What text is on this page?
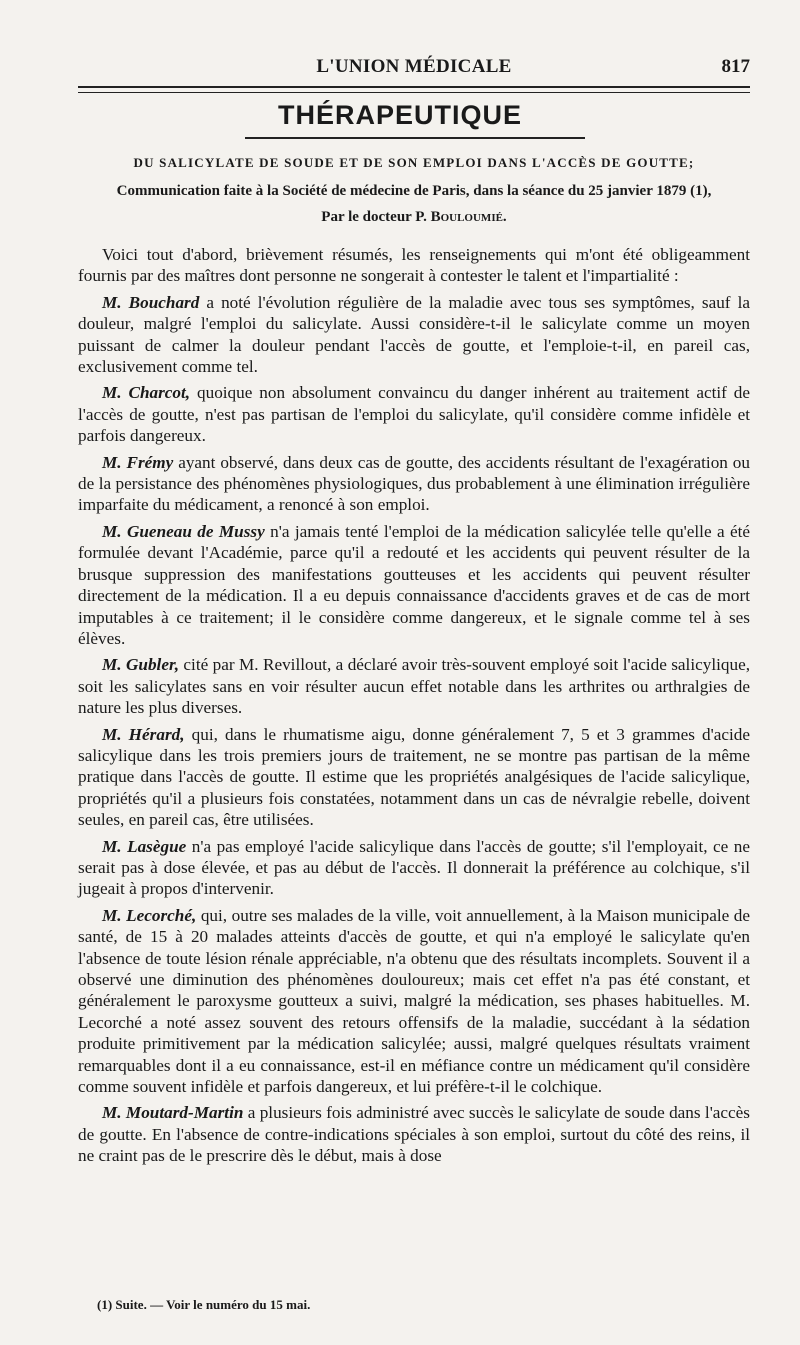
L'UNION MÉDICALE	817
THÉRAPEUTIQUE
DU SALICYLATE DE SOUDE ET DE SON EMPLOI DANS L'ACCÈS DE GOUTTE;
Communication faite à la Société de médecine de Paris, dans la séance du 25 janvier 1879 (1),
Par le docteur P. Bouloumié.

Voici tout d'abord, brièvement résumés, les renseignements qui m'ont été obligeamment fournis par des maîtres dont personne ne songerait à contester le talent et l'impartialité :

M. Bouchard a noté l'évolution régulière de la maladie avec tous ses symptômes, sauf la douleur, malgré l'emploi du salicylate. Aussi considère-t-il le salicylate comme un moyen puissant de calmer la douleur pendant l'accès de goutte, et l'emploie-t-il, en pareil cas, exclusivement comme tel.

M. Charcot, quoique non absolument convaincu du danger inhérent au traitement actif de l'accès de goutte, n'est pas partisan de l'emploi du salicylate, qu'il considère comme infidèle et parfois dangereux.

M. Frémy ayant observé, dans deux cas de goutte, des accidents résultant de l'exagération ou de la persistance des phénomènes physiologiques, dus probablement à une élimination irrégulière imparfaite du médicament, a renoncé à son emploi.

M. Gueneau de Mussy n'a jamais tenté l'emploi de la médication salicylée telle qu'elle a été formulée devant l'Académie, parce qu'il a redouté et les accidents qui peuvent résulter de la brusque suppression des manifestations goutteuses et les accidents qui peuvent résulter directement de la médication. Il a eu depuis connaissance d'accidents graves et de cas de mort imputables à ce traitement; il le considère comme dangereux, et le signale comme tel à ses élèves.

M. Gubler, cité par M. Revillout, a déclaré avoir très-souvent employé soit l'acide salicylique, soit les salicylates sans en voir résulter aucun effet notable dans les arthrites ou arthralgies de nature les plus diverses.

M. Hérard, qui, dans le rhumatisme aigu, donne généralement 7, 5 et 3 grammes d'acide salicylique dans les trois premiers jours de traitement, ne se montre pas partisan de la même pratique dans l'accès de goutte. Il estime que les propriétés analgésiques de l'acide salicylique, propriétés qu'il a plusieurs fois constatées, notamment dans un cas de névralgie rebelle, doivent seules, en pareil cas, être utilisées.

M. Lasègue n'a pas employé l'acide salicylique dans l'accès de goutte; s'il l'employait, ce ne serait pas à dose élevée, et pas au début de l'accès. Il donnerait la préférence au colchique, s'il jugeait à propos d'intervenir.

M. Lecorché, qui, outre ses malades de la ville, voit annuellement, à la Maison municipale de santé, de 15 à 20 malades atteints d'accès de goutte, et qui n'a employé le salicylate qu'en l'absence de toute lésion rénale appréciable, n'a obtenu que des résultats incomplets. Souvent il a observé une diminution des phénomènes douloureux; mais cet effet n'a pas été constant, et généralement le paroxysme goutteux a suivi, malgré la médication, ses phases habituelles. M. Lecorché a noté assez souvent des retours offensifs de la maladie, succédant à la sédation produite primitivement par la médication salicylée; aussi, malgré quelques résultats vraiment remarquables dont il a eu connaissance, est-il en méfiance contre un médicament qu'il considère comme souvent infidèle et parfois dangereux, et lui préfère-t-il le colchique.

M. Moutard-Martin a plusieurs fois administré avec succès le salicylate de soude dans l'accès de goutte. En l'absence de contre-indications spéciales à son emploi, surtout du côté des reins, il ne craint pas de le prescrire dès le début, mais à dose

(1) Suite. — Voir le numéro du 15 mai.
